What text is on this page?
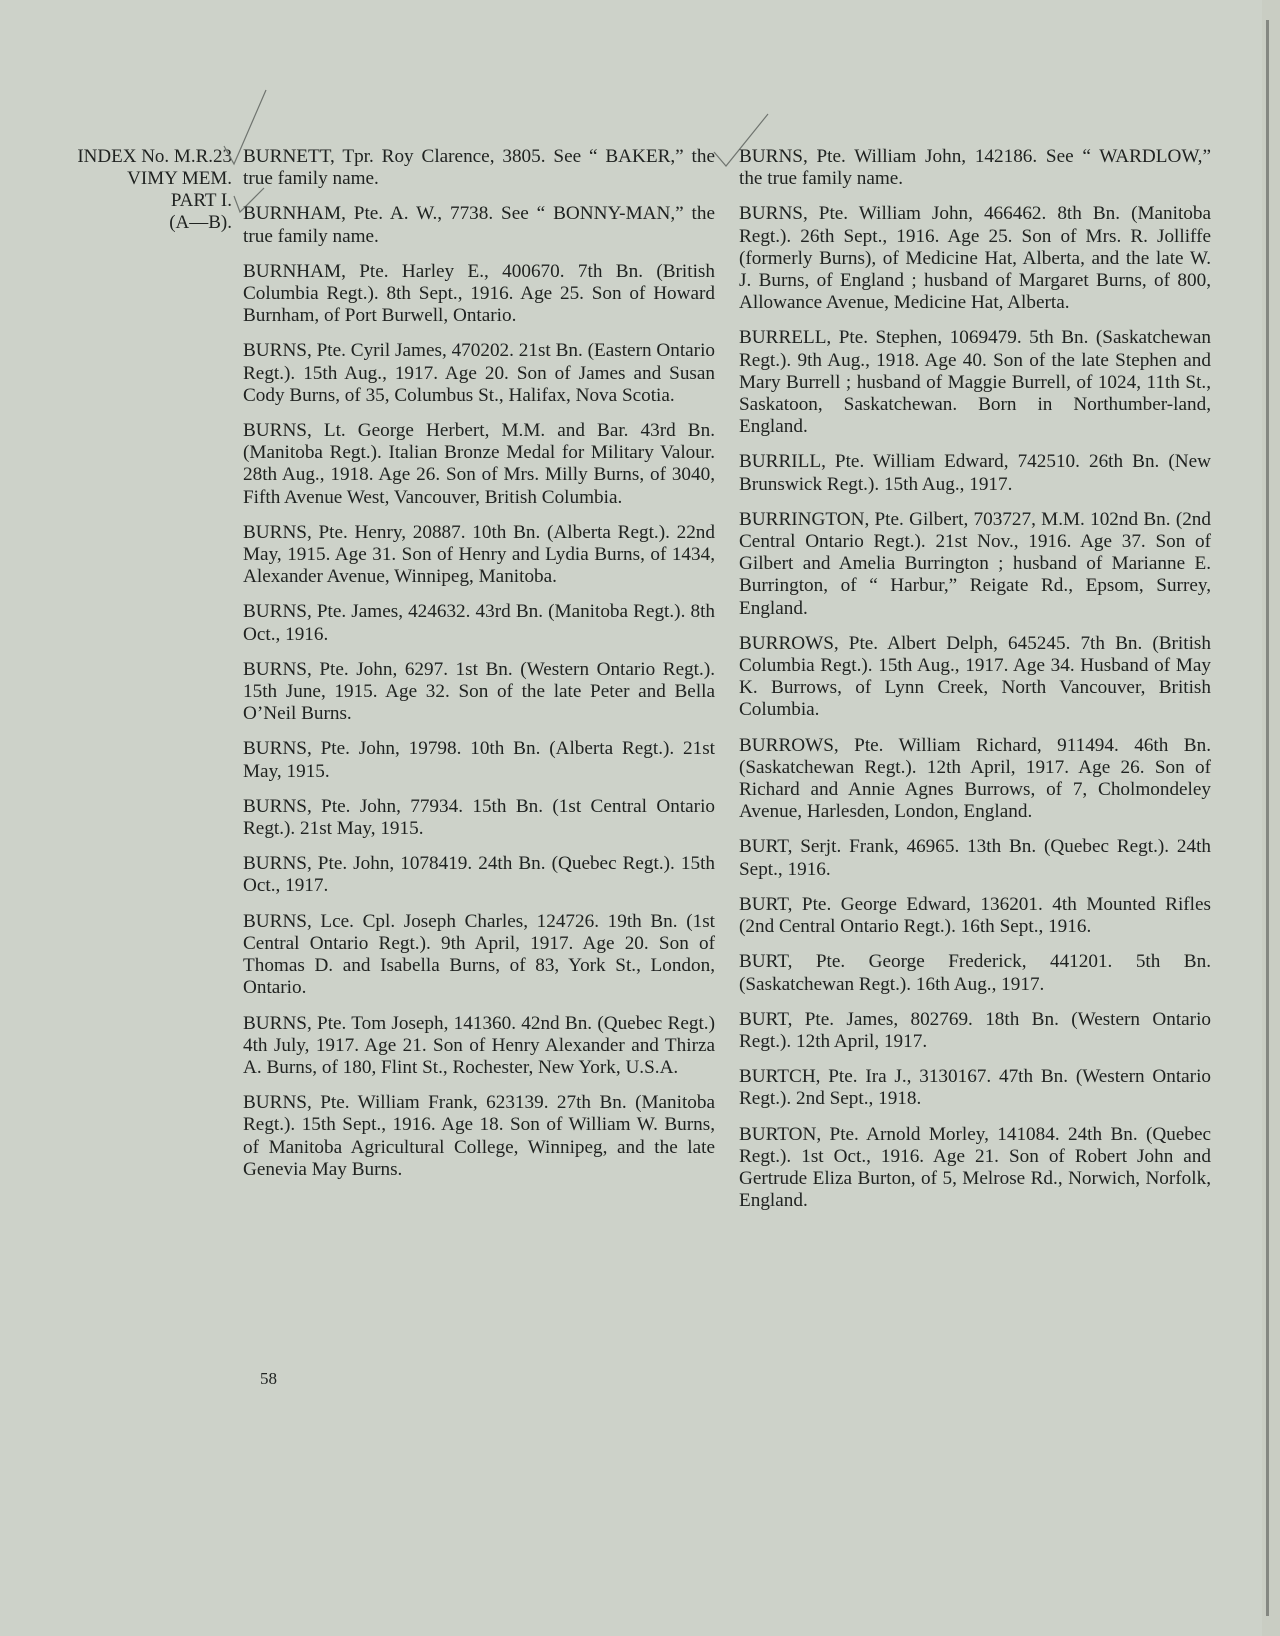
INDEX No. M.R.23
VIMY MEM.
PART I.
(A—B).

BURNETT, Tpr. Roy Clarence, 3805. See “ BAKER,” the true family name.

BURNHAM, Pte. A. W., 7738. See “ BONNY-MAN,” the true family name.

BURNHAM, Pte. Harley E., 400670. 7th Bn. (British Columbia Regt.). 8th Sept., 1916. Age 25. Son of Howard Burnham, of Port Burwell, Ontario.

BURNS, Pte. Cyril James, 470202. 21st Bn. (Eastern Ontario Regt.). 15th Aug., 1917. Age 20. Son of James and Susan Cody Burns, of 35, Columbus St., Halifax, Nova Scotia.

BURNS, Lt. George Herbert, M.M. and Bar. 43rd Bn. (Manitoba Regt.). Italian Bronze Medal for Military Valour. 28th Aug., 1918. Age 26. Son of Mrs. Milly Burns, of 3040, Fifth Avenue West, Vancouver, British Columbia.

BURNS, Pte. Henry, 20887. 10th Bn. (Alberta Regt.). 22nd May, 1915. Age 31. Son of Henry and Lydia Burns, of 1434, Alexander Avenue, Winnipeg, Manitoba.

BURNS, Pte. James, 424632. 43rd Bn. (Manitoba Regt.). 8th Oct., 1916.

BURNS, Pte. John, 6297. 1st Bn. (Western Ontario Regt.). 15th June, 1915. Age 32. Son of the late Peter and Bella O’Neil Burns.

BURNS, Pte. John, 19798. 10th Bn. (Alberta Regt.). 21st May, 1915.

BURNS, Pte. John, 77934. 15th Bn. (1st Central Ontario Regt.). 21st May, 1915.

BURNS, Pte. John, 1078419. 24th Bn. (Quebec Regt.). 15th Oct., 1917.

BURNS, Lce. Cpl. Joseph Charles, 124726. 19th Bn. (1st Central Ontario Regt.). 9th April, 1917. Age 20. Son of Thomas D. and Isabella Burns, of 83, York St., London, Ontario.

BURNS, Pte. Tom Joseph, 141360. 42nd Bn. (Quebec Regt.) 4th July, 1917. Age 21. Son of Henry Alexander and Thirza A. Burns, of 180, Flint St., Rochester, New York, U.S.A.

BURNS, Pte. William Frank, 623139. 27th Bn. (Manitoba Regt.). 15th Sept., 1916. Age 18. Son of William W. Burns, of Manitoba Agricultural College, Winnipeg, and the late Genevia May Burns.

BURNS, Pte. William John, 142186. See “ WARDLOW,” the true family name.

BURNS, Pte. William John, 466462. 8th Bn. (Manitoba Regt.). 26th Sept., 1916. Age 25. Son of Mrs. R. Jolliffe (formerly Burns), of Medicine Hat, Alberta, and the late W. J. Burns, of England ; husband of Margaret Burns, of 800, Allowance Avenue, Medicine Hat, Alberta.

BURRELL, Pte. Stephen, 1069479. 5th Bn. (Saskatchewan Regt.). 9th Aug., 1918. Age 40. Son of the late Stephen and Mary Burrell ; husband of Maggie Burrell, of 1024, 11th St., Saskatoon, Saskatchewan. Born in Northumber-land, England.

BURRILL, Pte. William Edward, 742510. 26th Bn. (New Brunswick Regt.). 15th Aug., 1917.

BURRINGTON, Pte. Gilbert, 703727, M.M. 102nd Bn. (2nd Central Ontario Regt.). 21st Nov., 1916. Age 37. Son of Gilbert and Amelia Burrington ; husband of Marianne E. Burrington, of “ Harbur,” Reigate Rd., Epsom, Surrey, England.

BURROWS, Pte. Albert Delph, 645245. 7th Bn. (British Columbia Regt.). 15th Aug., 1917. Age 34. Husband of May K. Burrows, of Lynn Creek, North Vancouver, British Columbia.

BURROWS, Pte. William Richard, 911494. 46th Bn. (Saskatchewan Regt.). 12th April, 1917. Age 26. Son of Richard and Annie Agnes Burrows, of 7, Cholmondeley Avenue, Harlesden, London, England.

BURT, Serjt. Frank, 46965. 13th Bn. (Quebec Regt.). 24th Sept., 1916.

BURT, Pte. George Edward, 136201. 4th Mounted Rifles (2nd Central Ontario Regt.). 16th Sept., 1916.

BURT, Pte. George Frederick, 441201. 5th Bn. (Saskatchewan Regt.). 16th Aug., 1917.

BURT, Pte. James, 802769. 18th Bn. (Western Ontario Regt.). 12th April, 1917.

BURTCH, Pte. Ira J., 3130167. 47th Bn. (Western Ontario Regt.). 2nd Sept., 1918.

BURTON, Pte. Arnold Morley, 141084. 24th Bn. (Quebec Regt.). 1st Oct., 1916. Age 21. Son of Robert John and Gertrude Eliza Burton, of 5, Melrose Rd., Norwich, Norfolk, England.

58
